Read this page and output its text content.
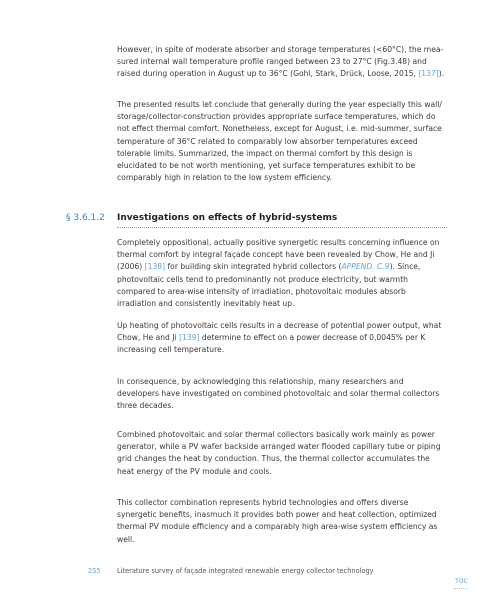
However, in spite of moderate absorber and storage temperatures (<60°C), the mea-sured internal wall temperature profile ranged between 23 to 27°C (Fig.3.48) and raised during operation in August up to 36°C (Gohl, Stark, Drück, Loose, 2015, [137]).

The presented results let conclude that generally during the year especially this wall/ storage/collector-construction provides appropriate surface temperatures, which do not effect thermal comfort. Nonetheless, except for August, i.e. mid-summer, surface temperature of 36°C related to comparably low absorber temperatures exceed tolerable limits. Summarized, the impact on thermal comfort by this design is elucidated to be not worth mentioning, yet surface temperatures exhibit to be comparably high in relation to the low system efficiency.

§ 3.6.1.2 Investigations on effects of hybrid-systems

Completely oppositional, actually positive synergetic results concerning influence on thermal comfort by integral façade concept have been revealed by Chow, He and Ji (2006) [138] for building skin integrated hybrid collectors (APPEND. C.9). Since, photovoltaic cells tend to predominantly not produce electricity, but warmth compared to area-wise intensity of irradiation, photovoltaic modules absorb irradiation and consistently inevitably heat up.

Up heating of photovoltaic cells results in a decrease of potential power output, what Chow, He and Ji [139] determine to effect on a power decrease of 0,0045% per K increasing cell temperature.

In consequence, by acknowledging this relationship, many researchers and developers have investigated on combined photovoltaic and solar thermal collectors three decades.

Combined photovoltaic and solar thermal collectors basically work mainly as power generator, while a PV wafer backside arranged water flooded capillary tube or piping grid changes the heat by conduction. Thus, the thermal collector accumulates the heat energy of the PV module and cools.

This collector combination represents hybrid technologies and offers diverse synergetic benefits, inasmuch it provides both power and heat collection, optimized thermal PV module efficiency and a comparably high area-wise system efficiency as well.

255 Literature survey of façade integrated renewable energy collector technology
TOC
